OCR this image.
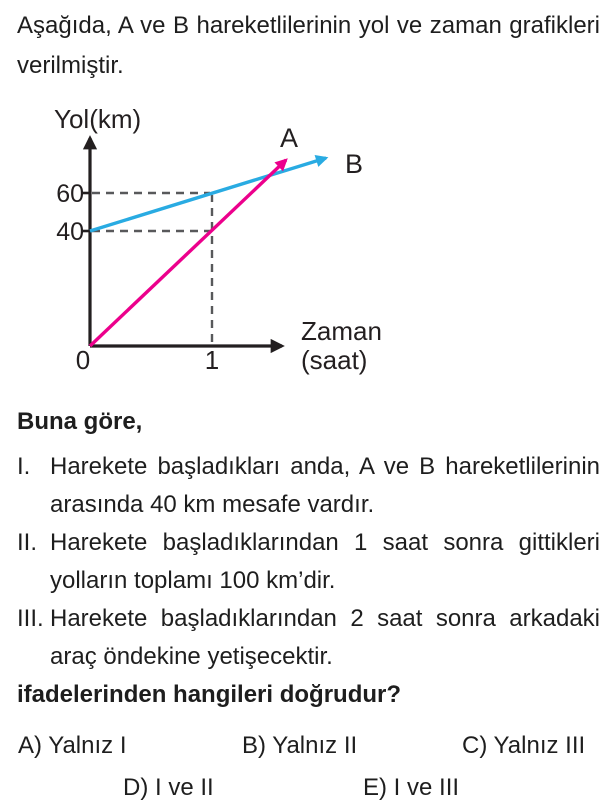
Aşağıda, A ve B hareketlilerinin yol ve zaman grafikleri
verilmiştir.
Yol(km)
60
40
A
B
Zaman
(saat)
0	1
Buna göre,
I. Harekete başladıkları anda, A ve B hareketlilerinin
arasında 40 km mesafe vardır.
II. Harekete başladıklarından 1 saat sonra gittikleri
yolların toplamı 100 km’dir.
III. Harekete başladıklarından 2 saat sonra arkadaki
araç öndekine yetişecektir.
ifadelerinden hangileri doğrudur?
A) Yalnız I	B) Yalnız II	C) Yalnız III
D) I ve II	E) I ve III
